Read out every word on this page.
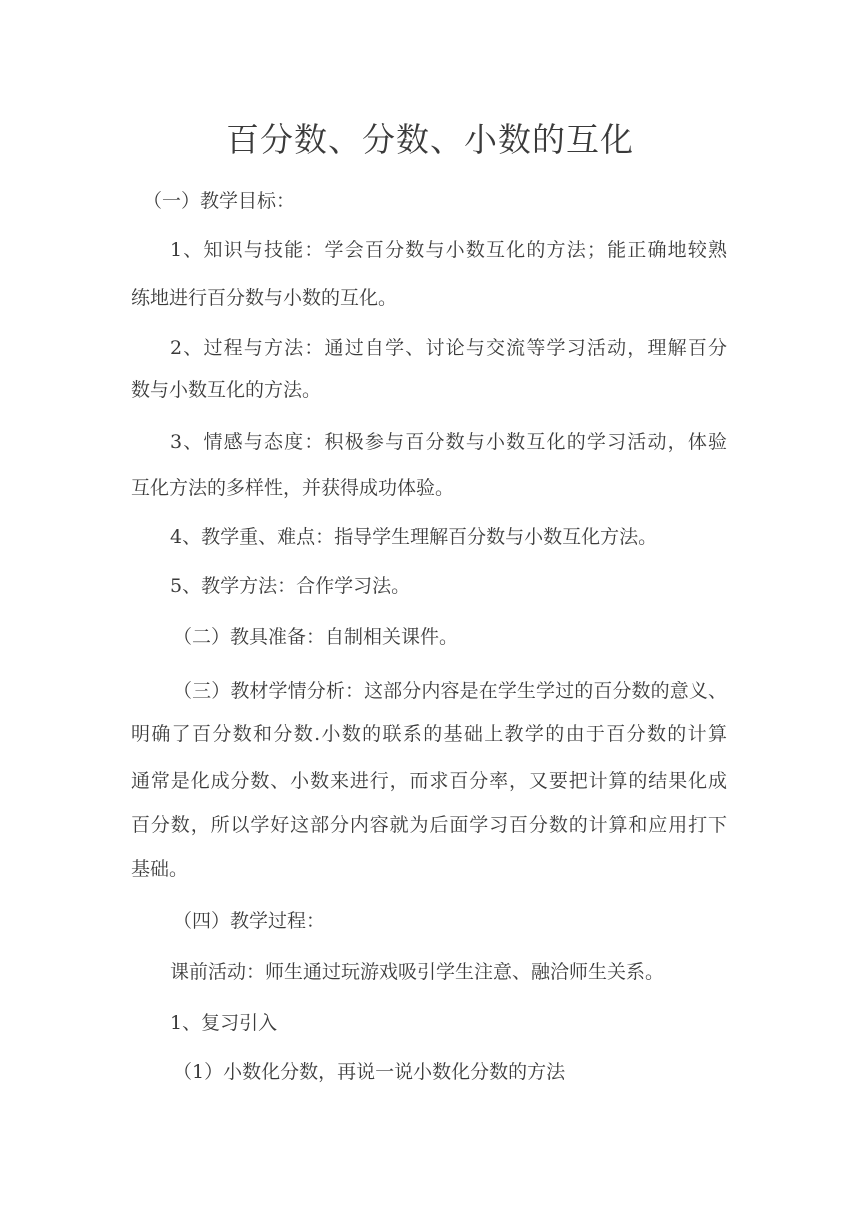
百分数、分数、小数的互化
（一）教学目标：
1、知识与技能：学会百分数与小数互化的方法；能正确地较熟
练地进行百分数与小数的互化。
2、过程与方法：通过自学、讨论与交流等学习活动，理解百分
数与小数互化的方法。
3、情感与态度：积极参与百分数与小数互化的学习活动，体验
互化方法的多样性，并获得成功体验。
4、教学重、难点：指导学生理解百分数与小数互化方法。
5、教学方法：合作学习法。
（二）教具准备：自制相关课件。
（三）教材学情分析：这部分内容是在学生学过的百分数的意义、
明确了百分数和分数.小数的联系的基础上教学的由于百分数的计算
通常是化成分数、小数来进行，而求百分率，又要把计算的结果化成
百分数，所以学好这部分内容就为后面学习百分数的计算和应用打下
基础。
（四）教学过程：
课前活动：师生通过玩游戏吸引学生注意、融洽师生关系。
1、复习引入
（1）小数化分数，再说一说小数化分数的方法
